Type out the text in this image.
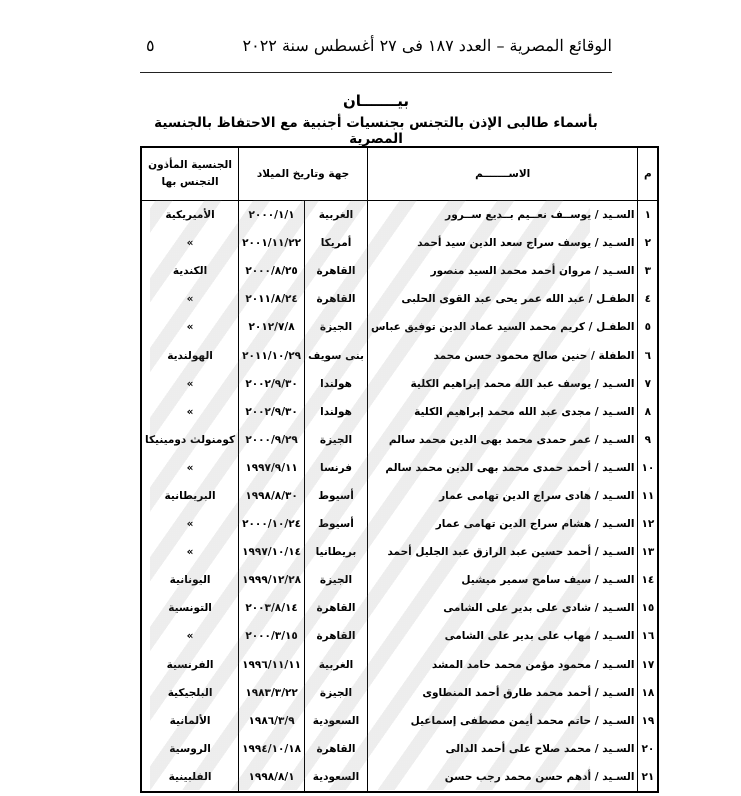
الوقائع المصرية – العدد ١٨٧ فى ٢٧ أغسطس سنة ٢٠٢٢
٥
بيـــــــان
بأسماء طالبى الإذن بالتجنس بجنسيات أجنبية مع الاحتفاظ بالجنسية المصرية
م	الاســـــــم	جهة وتاريخ الميلاد		الجنسية المأذون
التجنس بها

١	السـيد / يوســف نعــيم بــديع ســرور	الغربية	٢٠٠٠/١/١	الأميريكية
٢	السـيد / يوسف سراج سعد الدين سيد أحمد	أمريكا	٢٠٠١/١١/٢٢	»
٣	السـيد / مروان أحمد محمد السيد منصور	القاهرة	٢٠٠٠/٨/٢٥	الكندية
٤	الطفـل / عبد الله عمر يحى عبد القوى الحلبى	القاهرة	٢٠١١/٨/٢٤	»
٥	الطفـل / كريم محمد السيد عماد الدين توفيق عباس	الجيزة	٢٠١٢/٧/٨	»
٦	الطفلة / حنين صالح محمود حسن محمد	بنى سويف	٢٠١١/١٠/٢٩	الهولندية
٧	السـيد / يوسف عبد الله محمد إبراهيم الكلية	هولندا	٢٠٠٢/٩/٣٠	»
٨	السـيد / مجدى عبد الله محمد إبراهيم الكلية	هولندا	٢٠٠٢/٩/٣٠	»
٩	السـيد / عمر حمدى محمد بهى الدين محمد سالم	الجيزة	٢٠٠٠/٩/٢٩	كومنولث دومينيكا
١٠	السـيد / أحمد حمدى محمد بهى الدين محمد سالم	فرنسا	١٩٩٧/٩/١١	»
١١	السـيد / هادى سراج الدين تهامى عمار	أسيوط	١٩٩٨/٨/٣٠	البريطانية
١٢	السـيد / هشام سراج الدين تهامى عمار	أسيوط	٢٠٠٠/١٠/٢٤	»
١٣	السـيد / أحمد حسين عبد الرازق عبد الجليل أحمد	بريطانيا	١٩٩٧/١٠/١٤	»
١٤	السـيد / سيف سامح سمير ميشيل	الجيزة	١٩٩٩/١٢/٢٨	اليونانية
١٥	السـيد / شادى على بدير على الشامى	القاهرة	٢٠٠٣/٨/١٤	التونسية
١٦	السـيد / مهاب على بدير على الشامى	القاهرة	٢٠٠٠/٣/١٥	»
١٧	السـيد / محمود مؤمن محمد حامد المشد	الغربية	١٩٩٦/١١/١١	الفرنسية
١٨	السـيد / أحمد محمد طارق أحمد المنطاوى	الجيزة	١٩٨٣/٣/٢٢	البلجيكية
١٩	السـيد / حاتم محمد أيمن مصطفى إسماعيل	السعودية	١٩٨٦/٣/٩	الألمانية
٢٠	السـيد / محمد صلاح على أحمد الدالى	القاهرة	١٩٩٤/١٠/١٨	الروسية
٢١	السـيد / أدهم حسن محمد رجب حسن	السعودية	١٩٩٨/٨/١	الفلبينية
